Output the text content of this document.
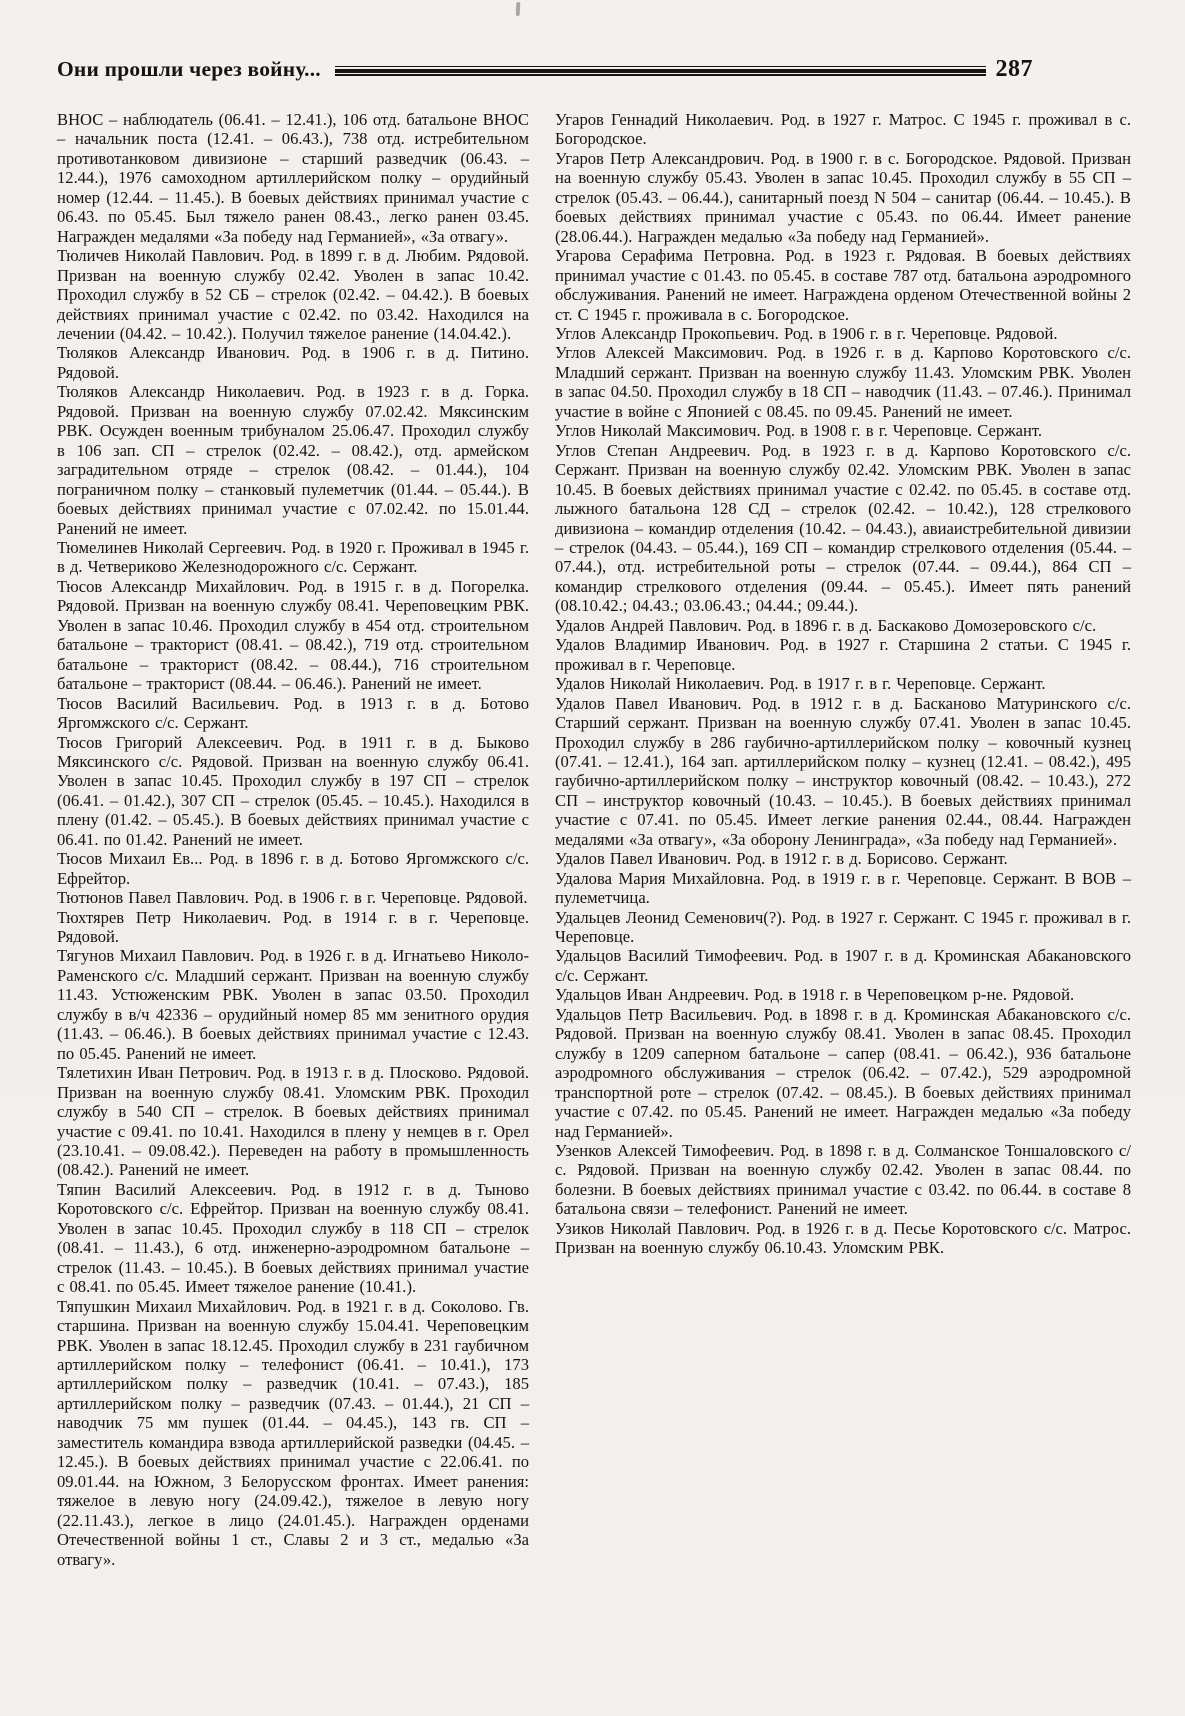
Они прошли через войну...	287

ВНОС – наблюдатель (06.41. – 12.41.), 106 отд. батальоне ВНОС – начальник поста (12.41. – 06.43.), 738 отд. истребительном противотанковом дивизионе – старший разведчик (06.43. – 12.44.), 1976 самоходном артиллерийском полку – орудийный номер (12.44. – 11.45.). В боевых действиях принимал участие с 06.43. по 05.45. Был тяжело ранен 08.43., легко ранен 03.45. Награжден медалями «За победу над Германией», «За отвагу».

Тюличев Николай Павлович. Род. в 1899 г. в д. Любим. Рядовой. Призван на военную службу 02.42. Уволен в запас 10.42. Проходил службу в 52 СБ – стрелок (02.42. – 04.42.). В боевых действиях принимал участие с 02.42. по 03.42. Находился на лечении (04.42. – 10.42.). Получил тяжелое ранение (14.04.42.).

Тюляков Александр Иванович. Род. в 1906 г. в д. Питино. Рядовой.

Тюляков Александр Николаевич. Род. в 1923 г. в д. Горка. Рядовой. Призван на военную службу 07.02.42. Мяксинским РВК. Осужден военным трибуналом 25.06.47. Проходил службу в 106 зап. СП – стрелок (02.42. – 08.42.), отд. армейском заградительном отряде – стрелок (08.42. – 01.44.), 104 пограничном полку – станковый пулеметчик (01.44. – 05.44.). В боевых действиях принимал участие с 07.02.42. по 15.01.44. Ранений не имеет.

Тюмелинев Николай Сергеевич. Род. в 1920 г. Проживал в 1945 г. в д. Четвериково Железнодорожного с/с. Сержант.

Тюсов Александр Михайлович. Род. в 1915 г. в д. Погорелка. Рядовой. Призван на военную службу 08.41. Череповецким РВК. Уволен в запас 10.46. Проходил службу в 454 отд. строительном батальоне – тракторист (08.41. – 08.42.), 719 отд. строительном батальоне – тракторист (08.42. – 08.44.), 716 строительном батальоне – тракторист (08.44. – 06.46.). Ранений не имеет.

Тюсов Василий Васильевич. Род. в 1913 г. в д. Ботово Яргомжского с/с. Сержант.

Тюсов Григорий Алексеевич. Род. в 1911 г. в д. Быково Мяксинского с/с. Рядовой. Призван на военную службу 06.41. Уволен в запас 10.45. Проходил службу в 197 СП – стрелок (06.41. – 01.42.), 307 СП – стрелок (05.45. – 10.45.). Находился в плену (01.42. – 05.45.). В боевых действиях принимал участие с 06.41. по 01.42. Ранений не имеет.

Тюсов Михаил Ев... Род. в 1896 г. в д. Ботово Яргомжского с/с. Ефрейтор.

Тютюнов Павел Павлович. Род. в 1906 г. в г. Череповце. Рядовой.

Тюхтярев Петр Николаевич. Род. в 1914 г. в г. Череповце. Рядовой.

Тягунов Михаил Павлович. Род. в 1926 г. в д. Игнатьево Николо-Раменского с/с. Младший сержант. Призван на военную службу 11.43. Устюженским РВК. Уволен в запас 03.50. Проходил службу в в/ч 42336 – орудийный номер 85 мм зенитного орудия (11.43. – 06.46.). В боевых действиях принимал участие с 12.43. по 05.45. Ранений не имеет.

Тялетихин Иван Петрович. Род. в 1913 г. в д. Плосково. Рядовой. Призван на военную службу 08.41. Уломским РВК. Проходил службу в 540 СП – стрелок. В боевых действиях принимал участие с 09.41. по 10.41. Находился в плену у немцев в г. Орел (23.10.41. – 09.08.42.). Переведен на работу в промышленность (08.42.). Ранений не имеет.

Тяпин Василий Алексеевич. Род. в 1912 г. в д. Тыново Коротовского с/с. Ефрейтор. Призван на военную службу 08.41. Уволен в запас 10.45. Проходил службу в 118 СП – стрелок (08.41. – 11.43.), 6 отд. инженерно-аэродромном батальоне – стрелок (11.43. – 10.45.). В боевых действиях принимал участие с 08.41. по 05.45. Имеет тяжелое ранение (10.41.).

Тяпушкин Михаил Михайлович. Род. в 1921 г. в д. Соколово. Гв. старшина. Призван на военную службу 15.04.41. Череповецким РВК. Уволен в запас 18.12.45. Проходил службу в 231 гаубичном артиллерийском полку – телефонист (06.41. – 10.41.), 173 артиллерийском полку – разведчик (10.41. – 07.43.), 185 артиллерийском полку – разведчик (07.43. – 01.44.), 21 СП – наводчик 75 мм пушек (01.44. – 04.45.), 143 гв. СП – заместитель командира взвода артиллерийской разведки (04.45. – 12.45.). В боевых действиях принимал участие с 22.06.41. по 09.01.44. на Южном, 3 Белорусском фронтах. Имеет ранения: тяжелое в левую ногу (24.09.42.), тяжелое в левую ногу (22.11.43.), легкое в лицо (24.01.45.). Награжден орденами Отечественной войны 1 ст., Славы 2 и 3 ст., медалью «За отвагу».

Угаров Геннадий Николаевич. Род. в 1927 г. Матрос. С 1945 г. проживал в с. Богородское.

Угаров Петр Александрович. Род. в 1900 г. в с. Богородское. Рядовой. Призван на военную службу 05.43. Уволен в запас 10.45. Проходил службу в 55 СП – стрелок (05.43. – 06.44.), санитарный поезд N 504 – санитар (06.44. – 10.45.). В боевых действиях принимал участие с 05.43. по 06.44. Имеет ранение (28.06.44.). Награжден медалью «За победу над Германией».

Угарова Серафима Петровна. Род. в 1923 г. Рядовая. В боевых действиях принимал участие с 01.43. по 05.45. в составе 787 отд. батальона аэродромного обслуживания. Ранений не имеет. Награждена орденом Отечественной войны 2 ст. С 1945 г. проживала в с. Богородское.

Углов Александр Прокопьевич. Род. в 1906 г. в г. Череповце. Рядовой.

Углов Алексей Максимович. Род. в 1926 г. в д. Карпово Коротовского с/с. Младший сержант. Призван на военную службу 11.43. Уломским РВК. Уволен в запас 04.50. Проходил службу в 18 СП – наводчик (11.43. – 07.46.). Принимал участие в войне с Японией с 08.45. по 09.45. Ранений не имеет.

Углов Николай Максимович. Род. в 1908 г. в г. Череповце. Сержант.

Углов Степан Андреевич. Род. в 1923 г. в д. Карпово Коротовского с/с. Сержант. Призван на военную службу 02.42. Уломским РВК. Уволен в запас 10.45. В боевых действиях принимал участие с 02.42. по 05.45. в составе отд. лыжного батальона 128 СД – стрелок (02.42. – 10.42.), 128 стрелкового дивизиона – командир отделения (10.42. – 04.43.), авиаистребительной дивизии – стрелок (04.43. – 05.44.), 169 СП – командир стрелкового отделения (05.44. – 07.44.), отд. истребительной роты – стрелок (07.44. – 09.44.), 864 СП – командир стрелкового отделения (09.44. – 05.45.). Имеет пять ранений (08.10.42.; 04.43.; 03.06.43.; 04.44.; 09.44.).

Удалов Андрей Павлович. Род. в 1896 г. в д. Баскаково Домозеровского с/с.

Удалов Владимир Иванович. Род. в 1927 г. Старшина 2 статьи. С 1945 г. проживал в г. Череповце.

Удалов Николай Николаевич. Род. в 1917 г. в г. Череповце. Сержант.

Удалов Павел Иванович. Род. в 1912 г. в д. Басканово Матуринского с/с. Старший сержант. Призван на военную службу 07.41. Уволен в запас 10.45. Проходил службу в 286 гаубично-артиллерийском полку – ковочный кузнец (07.41. – 12.41.), 164 зап. артиллерийском полку – кузнец (12.41. – 08.42.), 495 гаубично-артиллерийском полку – инструктор ковочный (08.42. – 10.43.), 272 СП – инструктор ковочный (10.43. – 10.45.). В боевых действиях принимал участие с 07.41. по 05.45. Имеет легкие ранения 02.44., 08.44. Награжден медалями «За отвагу», «За оборону Ленинграда», «За победу над Германией».

Удалов Павел Иванович. Род. в 1912 г. в д. Борисово. Сержант.

Удалова Мария Михайловна. Род. в 1919 г. в г. Череповце. Сержант. В ВОВ – пулеметчица.

Удальцев Леонид Семенович(?). Род. в 1927 г. Сержант. С 1945 г. проживал в г. Череповце.

Удальцов Василий Тимофеевич. Род. в 1907 г. в д. Кроминская Абакановского с/с. Сержант.

Удальцов Иван Андреевич. Род. в 1918 г. в Череповецком р-не. Рядовой.

Удальцов Петр Васильевич. Род. в 1898 г. в д. Кроминская Абакановского с/с. Рядовой. Призван на военную службу 08.41. Уволен в запас 08.45. Проходил службу в 1209 саперном батальоне – сапер (08.41. – 06.42.), 936 батальоне аэродромного обслуживания – стрелок (06.42. – 07.42.), 529 аэродромной транспортной роте – стрелок (07.42. – 08.45.). В боевых действиях принимал участие с 07.42. по 05.45. Ранений не имеет. Награжден медалью «За победу над Германией».

Узенков Алексей Тимофеевич. Род. в 1898 г. в д. Солманское Тоншаловского с/с. Рядовой. Призван на военную службу 02.42. Уволен в запас 08.44. по болезни. В боевых действиях принимал участие с 03.42. по 06.44. в составе 8 батальона связи – телефонист. Ранений не имеет.

Узиков Николай Павлович. Род. в 1926 г. в д. Песье Коротовского с/с. Матрос. Призван на военную службу 06.10.43. Уломским РВК.
